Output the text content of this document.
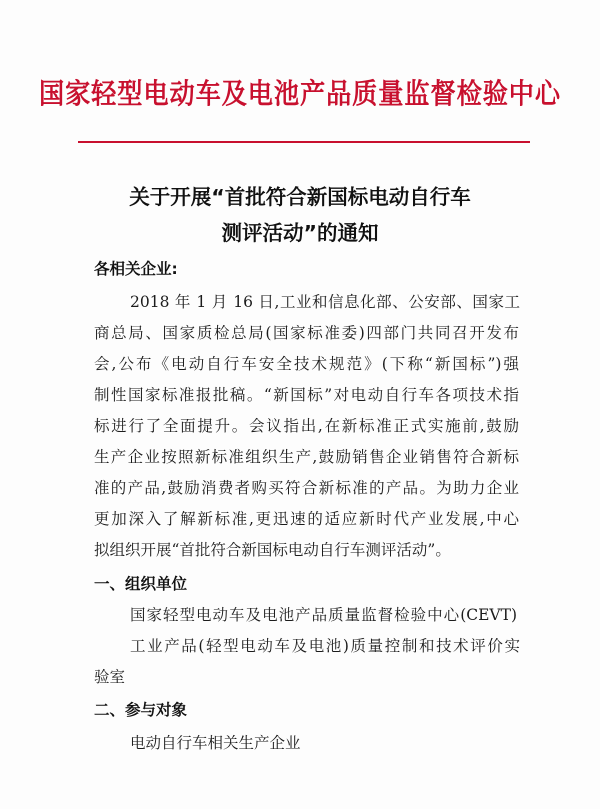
国家轻型电动车及电池产品质量监督检验中心
关于开展“首批符合新国标电动自行车
测评活动”的通知
各相关企业:
2018 年 1 月 16 日,工业和信息化部、公安部、国家工
商总局、国家质检总局(国家标准委)四部门共同召开发布
会,公布《电动自行车安全技术规范》(下称“新国标”)强
制性国家标准报批稿。“新国标”对电动自行车各项技术指
标进行了全面提升。会议指出,在新标准正式实施前,鼓励
生产企业按照新标准组织生产,鼓励销售企业销售符合新标
准的产品,鼓励消费者购买符合新标准的产品。为助力企业
更加深入了解新标准,更迅速的适应新时代产业发展,中心
拟组织开展“首批符合新国标电动自行车测评活动”。
一、组织单位
国家轻型电动车及电池产品质量监督检验中心(CEVT)
工业产品(轻型电动车及电池)质量控制和技术评价实
验室
二、参与对象
电动自行车相关生产企业
